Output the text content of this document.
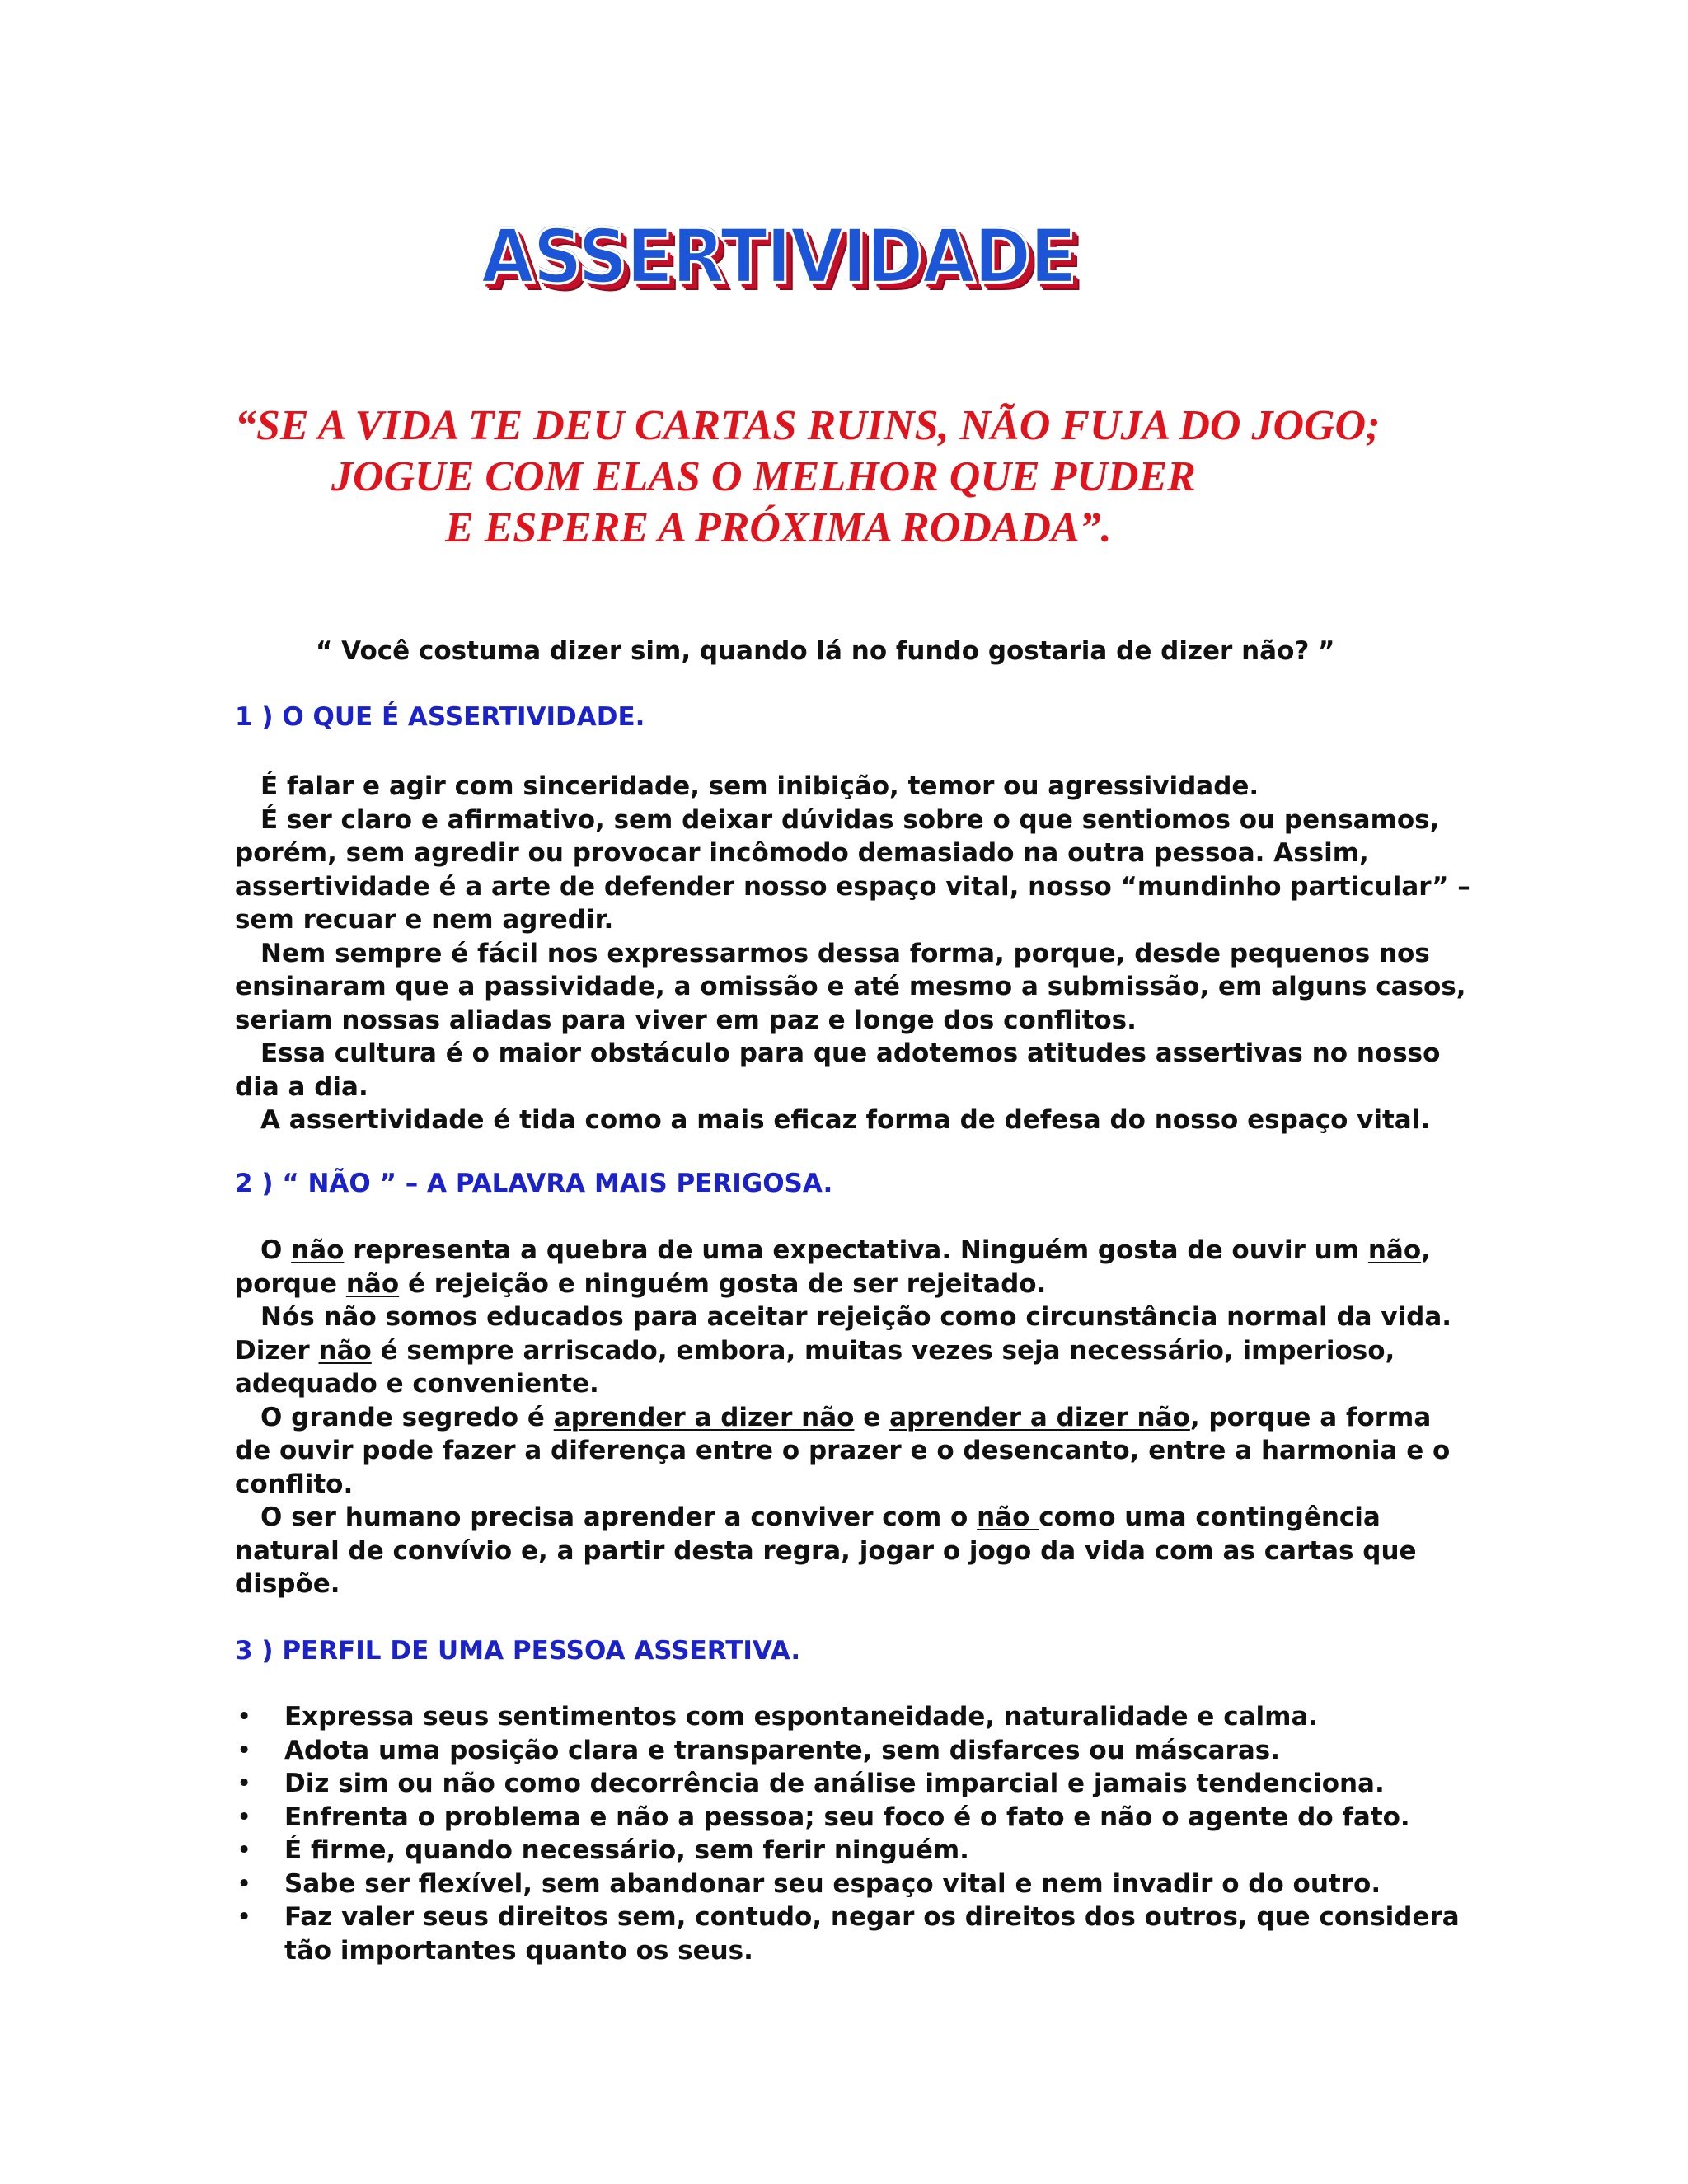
ASSERTIVIDADE
“SE A VIDA TE DEU CARTAS RUINS, NÃO FUJA DO JOGO;
JOGUE COM ELAS O MELHOR QUE PUDER
E ESPERE A PRÓXIMA RODADA”.
“ Você costuma dizer sim, quando lá no fundo gostaria de dizer não? ”
1 ) O QUE É ASSERTIVIDADE.

É falar e agir com sinceridade, sem inibição, temor ou agressividade.

É ser claro e afirmativo, sem deixar dúvidas sobre o que sentiomos ou pensamos, porém, sem agredir ou provocar incômodo demasiado na outra pessoa. Assim, assertividade é a arte de defender nosso espaço vital, nosso “mundinho particular” – sem recuar e nem agredir.

Nem sempre é fácil nos expressarmos dessa forma, porque, desde pequenos nos ensinaram que a passividade, a omissão e até mesmo a submissão, em alguns casos, seriam nossas aliadas para viver em paz e longe dos conflitos.

Essa cultura é o maior obstáculo para que adotemos atitudes assertivas no nosso dia a dia.

A assertividade é tida como a mais eficaz forma de defesa do nosso espaço vital.

2 ) “ NÃO ” – A PALAVRA MAIS PERIGOSA.

O não representa a quebra de uma expectativa. Ninguém gosta de ouvir um não, porque não é rejeição e ninguém gosta de ser rejeitado.

Nós não somos educados para aceitar rejeição como circunstância normal da vida. Dizer não é sempre arriscado, embora, muitas vezes seja necessário, imperioso, adequado e conveniente.

O grande segredo é aprender a dizer não e aprender a dizer não, porque a forma de ouvir pode fazer a diferença entre o prazer e o desencanto, entre a harmonia e o conflito.

O ser humano precisa aprender a conviver com o não como uma contingência natural de convívio e, a partir desta regra, jogar o jogo da vida com as cartas que dispõe.

3 ) PERFIL DE UMA PESSOA ASSERTIVA.
• Expressa seus sentimentos com espontaneidade, naturalidade e calma.
• Adota uma posição clara e transparente, sem disfarces ou máscaras.
• Diz sim ou não como decorrência de análise imparcial e jamais tendenciona.
• Enfrenta o problema e não a pessoa; seu foco é o fato e não o agente do fato.
• É firme, quando necessário, sem ferir ninguém.
• Sabe ser flexível, sem abandonar seu espaço vital e nem invadir o do outro.
• Faz valer seus direitos sem, contudo, negar os direitos dos outros, que considera tão importantes quanto os seus.
